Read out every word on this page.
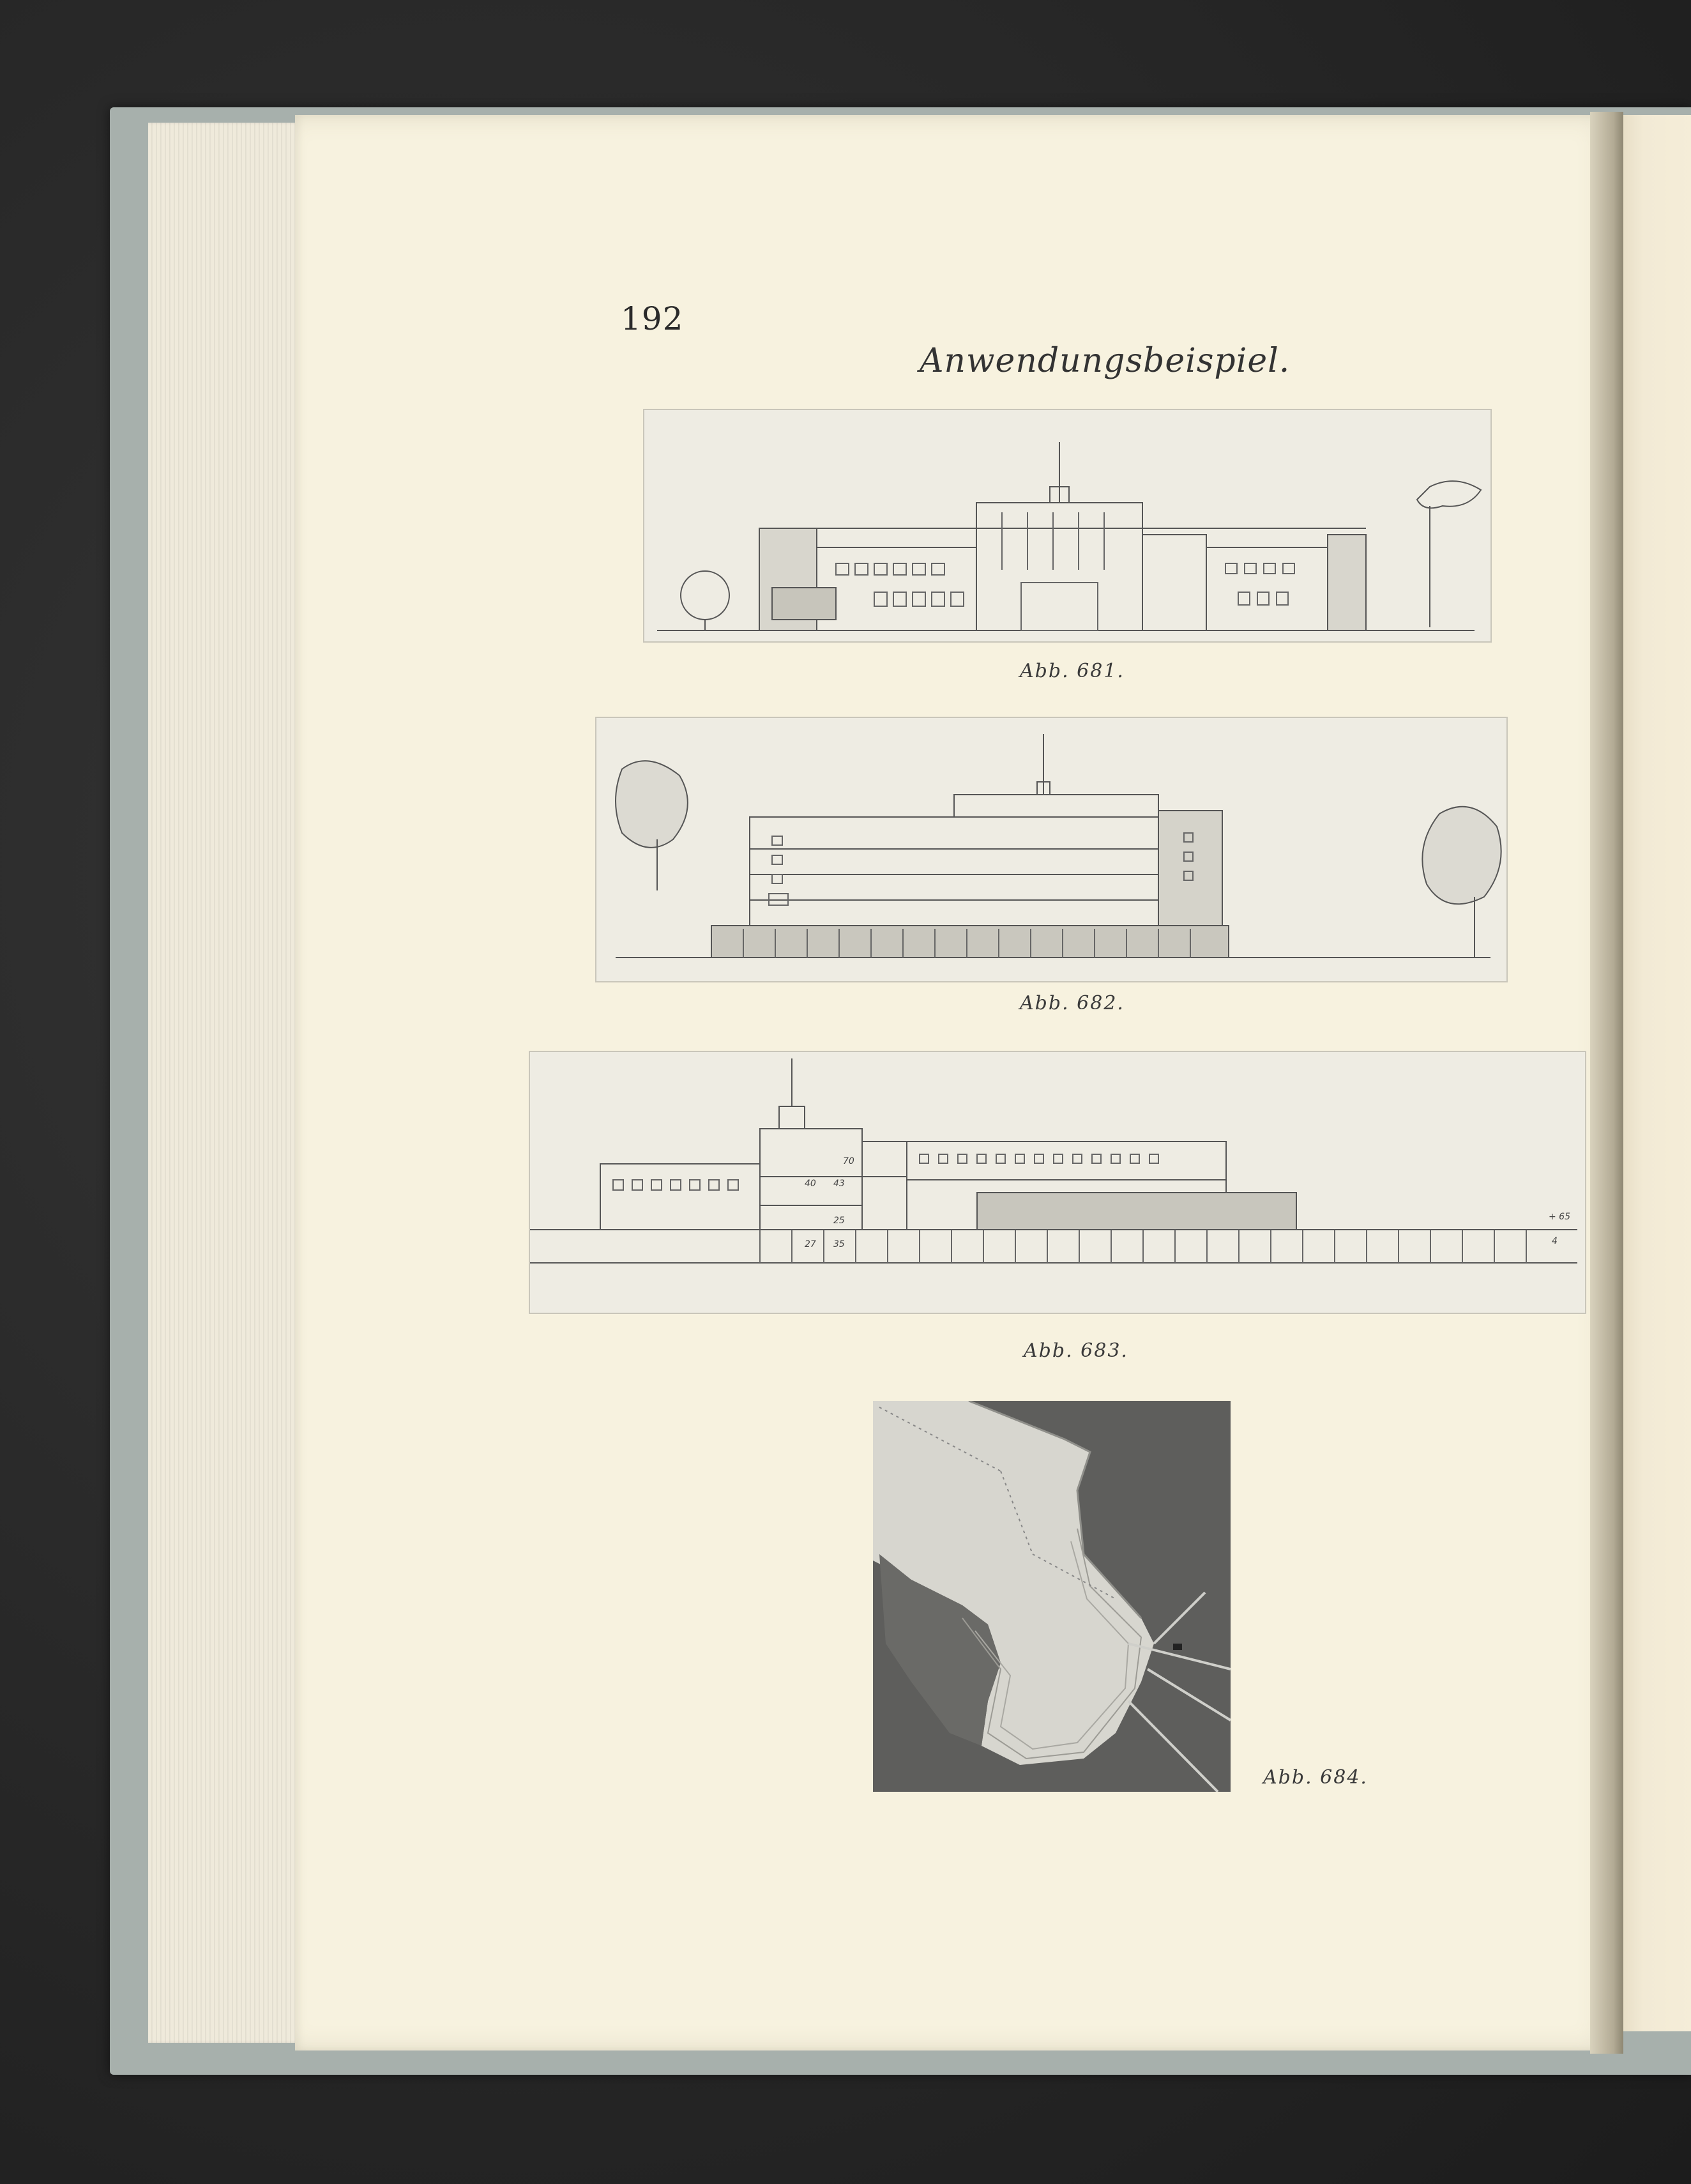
192
Anwendungsbeispiel.
Abb. 681.
Abb. 682.
70
40 43
25
27 35
+ 65
4
Abb. 683.
Abb. 684.
